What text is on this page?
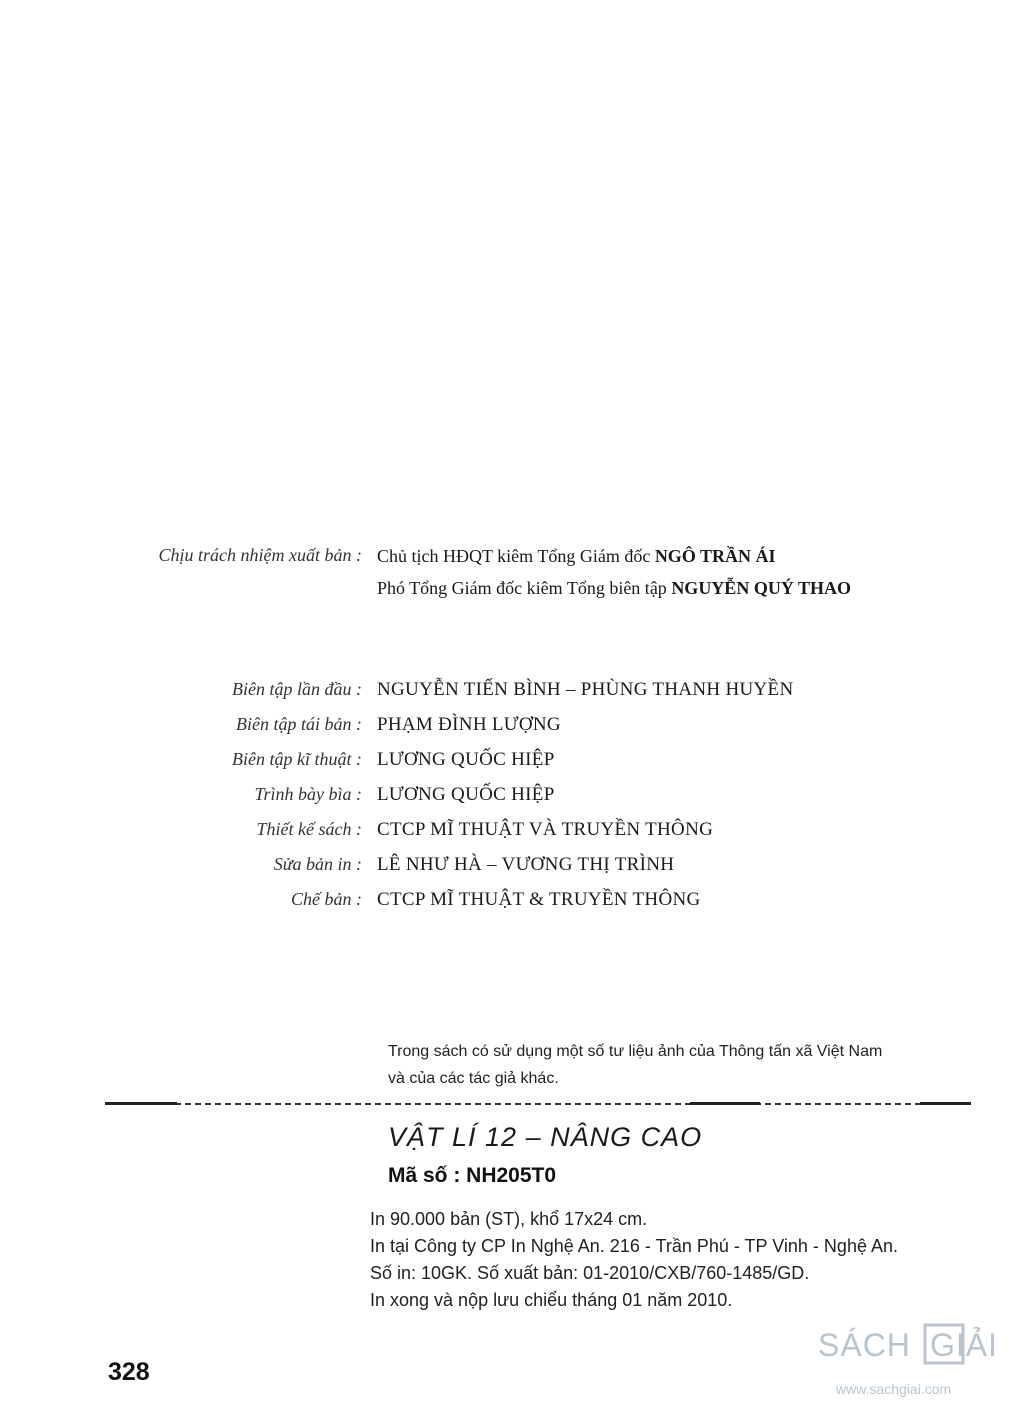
Chịu trách nhiệm xuất bản : Chủ tịch HĐQT kiêm Tổng Giám đốc NGÔ TRẦN ÁI
Phó Tổng Giám đốc kiêm Tổng biên tập NGUYỄN QUÝ THAO
Biên tập lần đầu : NGUYỄN TIẾN BÌNH – PHÙNG THANH HUYỀN
Biên tập tái bản : PHẠM ĐÌNH LƯỢNG
Biên tập kĩ thuật : LƯƠNG QUỐC HIỆP
Trình bày bìa : LƯƠNG QUỐC HIỆP
Thiết kế sách : CTCP MĨ THUẬT VÀ TRUYỀN THÔNG
Sửa bản in : LÊ NHƯ HÀ – VƯƠNG THỊ TRÌNH
Chế bản : CTCP MĨ THUẬT & TRUYỀN THÔNG
Trong sách có sử dụng một số tư liệu ảnh của Thông tấn xã Việt Nam
và của các tác giả khác.
VẬT LÍ 12 – NÂNG CAO
Mã số : NH205T0
In 90.000 bản (ST), khổ 17x24 cm.
In tại Công ty CP In Nghệ An. 216 - Trần Phú - TP Vinh - Nghệ An.
Số in: 10GK. Số xuất bản: 01-2010/CXB/760-1485/GD.
In xong và nộp lưu chiểu tháng 01 năm 2010.
328
SÁCH GIẢI
www.sachgiai.com
